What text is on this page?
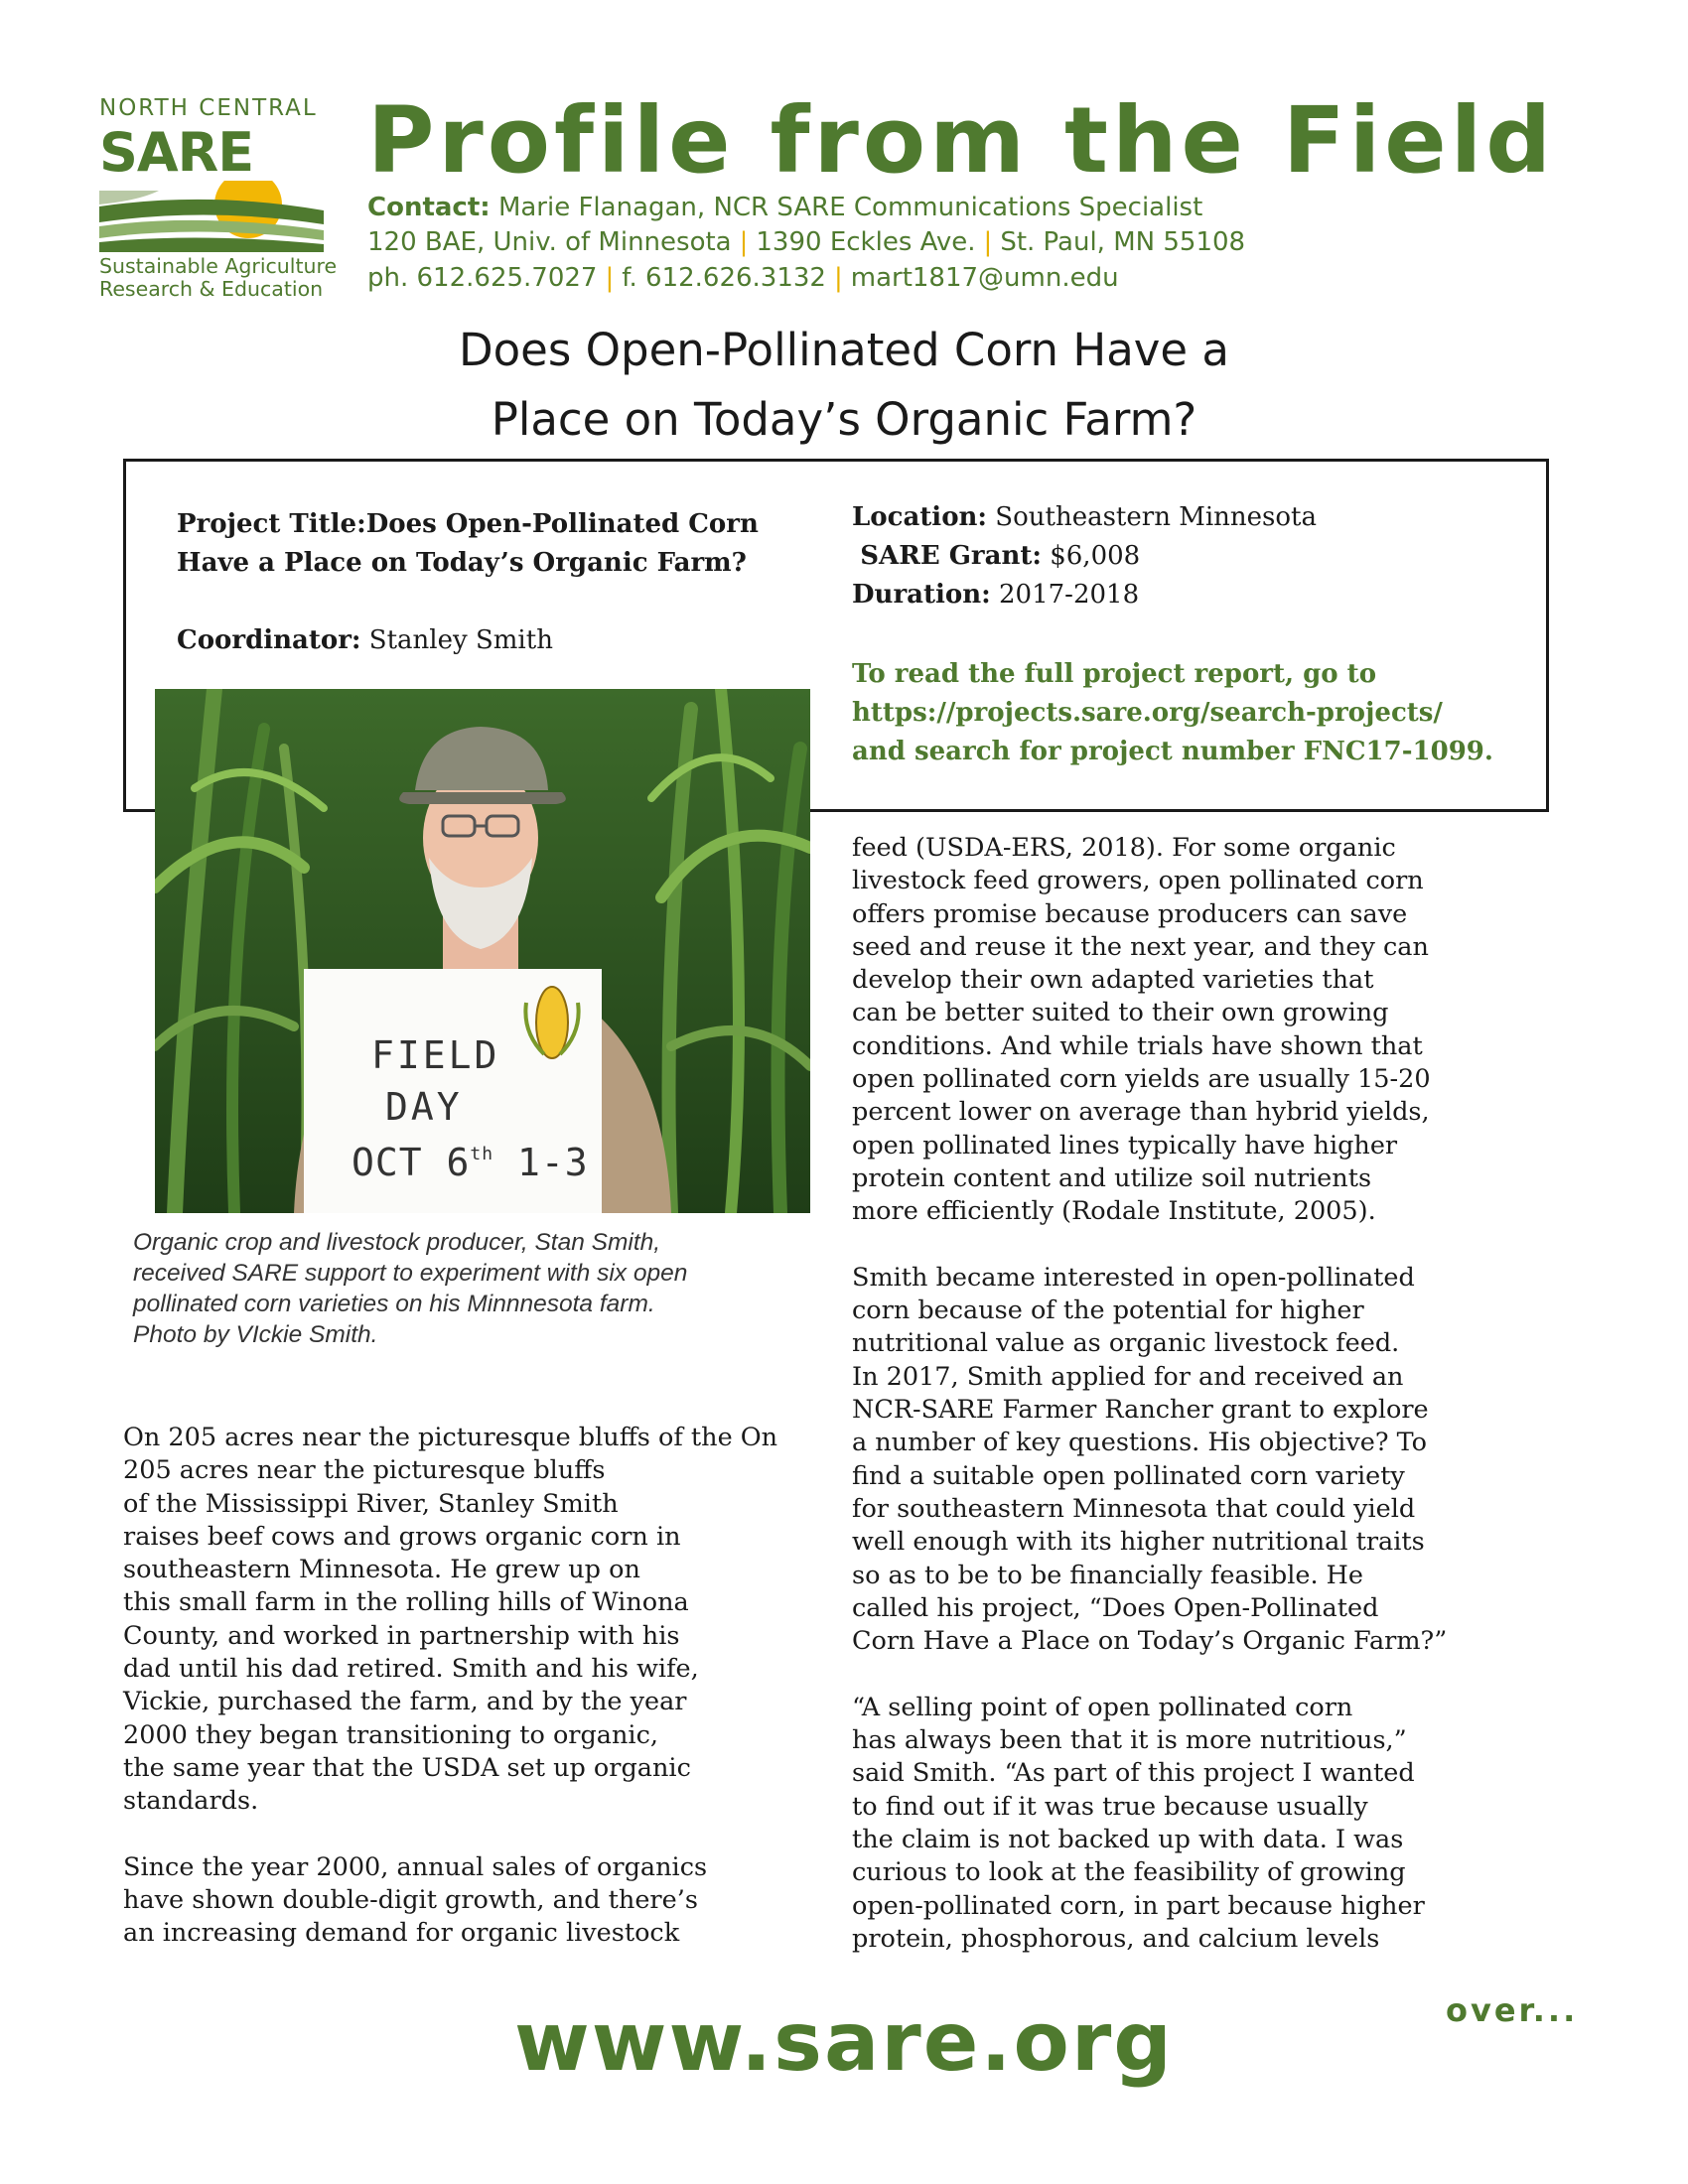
NORTH CENTRAL
SARE
Sustainable Agriculture
Research & Education
Profile from the Field
Contact: Marie Flanagan, NCR SARE Communications Specialist
120 BAE, Univ. of Minnesota | 1390 Eckles Ave. | St. Paul, MN 55108
ph. 612.625.7027 | f. 612.626.3132 | mart1817@umn.edu
Does Open-Pollinated Corn Have a
Place on Today’s Organic Farm?
Project Title:Does Open-Pollinated Corn
Have a Place on Today’s Organic Farm?
Coordinator: Stanley Smith
Location: Southeastern Minnesota
SARE Grant: $6,008
Duration: 2017-2018
To read the full project report, go to
https://projects.sare.org/search-projects/
and search for project number FNC17-1099.
FIELD
DAY
OCT 6th 1-3
Organic crop and livestock producer, Stan Smith,
received SARE support to experiment with six open
pollinated corn varieties on his Minnnesota farm.
Photo by VIckie Smith.
On 205 acres near the picturesque bluffs of the On
205 acres near the picturesque bluffs
of the Mississippi River, Stanley Smith
raises beef cows and grows organic corn in
southeastern Minnesota. He grew up on
this small farm in the rolling hills of Winona
County, and worked in partnership with his
dad until his dad retired. Smith and his wife,
Vickie, purchased the farm, and by the year
2000 they began transitioning to organic,
the same year that the USDA set up organic
standards.
Since the year 2000, annual sales of organics
have shown double-digit growth, and there’s
an increasing demand for organic livestock
feed (USDA-ERS, 2018). For some organic
livestock feed growers, open pollinated corn
offers promise because producers can save
seed and reuse it the next year, and they can
develop their own adapted varieties that
can be better suited to their own growing
conditions. And while trials have shown that
open pollinated corn yields are usually 15-20
percent lower on average than hybrid yields,
open pollinated lines typically have higher
protein content and utilize soil nutrients
more efficiently (Rodale Institute, 2005).
Smith became interested in open-pollinated
corn because of the potential for higher
nutritional value as organic livestock feed.
In 2017, Smith applied for and received an
NCR-SARE Farmer Rancher grant to explore
a number of key questions. His objective? To
find a suitable open pollinated corn variety
for southeastern Minnesota that could yield
well enough with its higher nutritional traits
so as to be to be financially feasible. He
called his project, “Does Open-Pollinated
Corn Have a Place on Today’s Organic Farm?”
“A selling point of open pollinated corn
has always been that it is more nutritious,”
said Smith. “As part of this project I wanted
to find out if it was true because usually
the claim is not backed up with data. I was
curious to look at the feasibility of growing
open-pollinated corn, in part because higher
protein, phosphorous, and calcium levels
www.sare.org	over...
